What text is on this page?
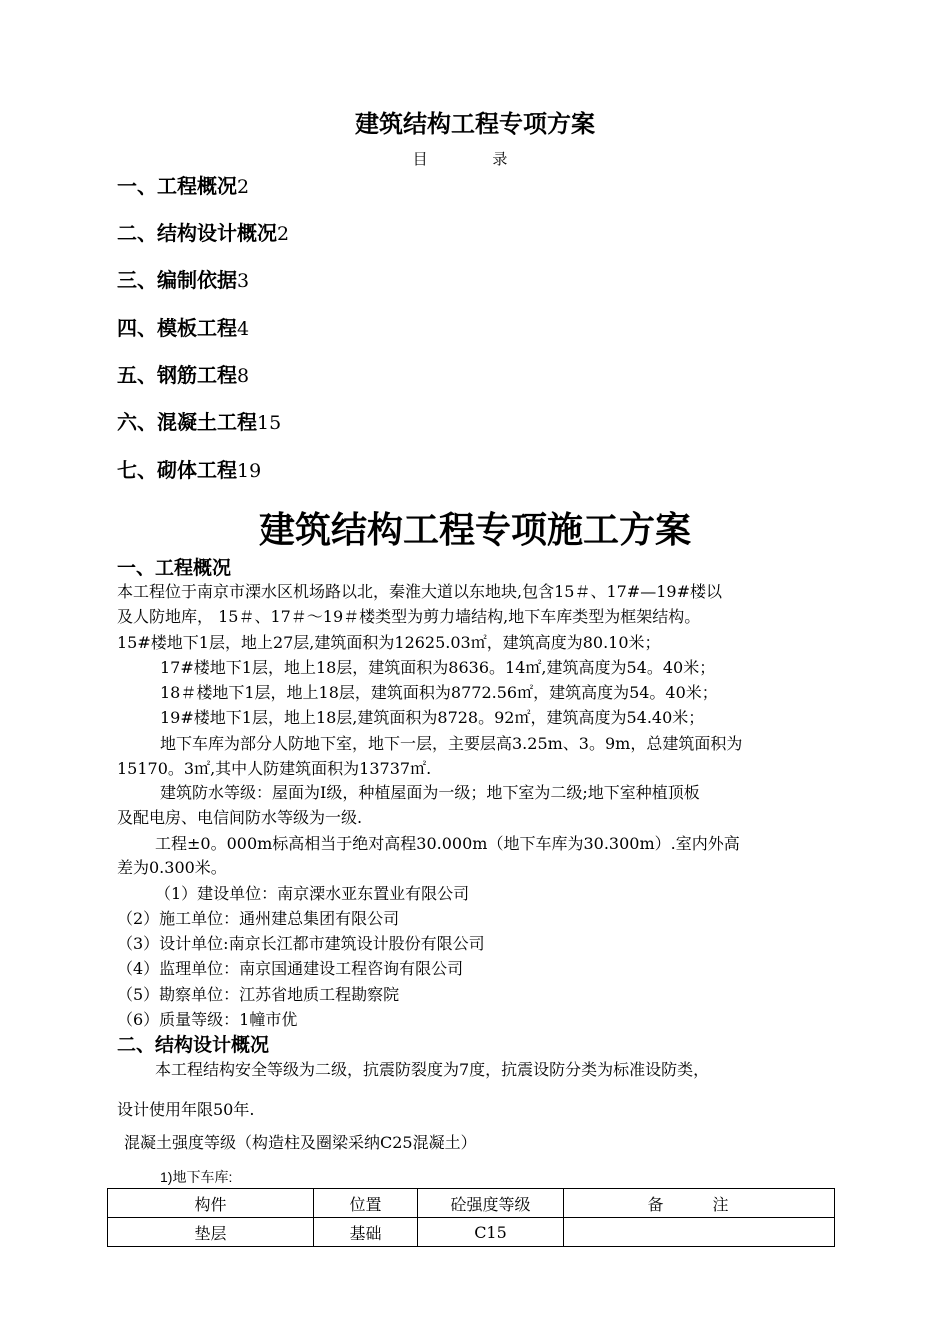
建筑结构工程专项方案
目 录
一、工程概况2
二、结构设计概况2
三、编制依据3
四、模板工程4
五、钢筋工程8
六、混凝土工程15
七、砌体工程19
建筑结构工程专项施工方案
一、工程概况
本工程位于南京市溧水区机场路以北，秦淮大道以东地块,包含15＃、17#—19#楼以
及人防地库， 15＃、17＃～19＃楼类型为剪力墙结构,地下车库类型为框架结构。
15#楼地下1层，地上27层,建筑面积为12625.03㎡，建筑高度为80.10米；
17#楼地下1层，地上18层，建筑面积为8636。14㎡,建筑高度为54。40米；
18＃楼地下1层，地上18层，建筑面积为8772.56㎡，建筑高度为54。40米；
19#楼地下1层，地上18层,建筑面积为8728。92㎡，建筑高度为54.40米；
地下车库为部分人防地下室，地下一层，主要层高3.25m、3。9m，总建筑面积为
15170。3㎡,其中人防建筑面积为13737㎡.
建筑防水等级：屋面为Ⅰ级，种植屋面为一级；地下室为二级;地下室种植顶板
及配电房、电信间防水等级为一级.
工程±0。000m标高相当于绝对高程30.000m（地下车库为30.300m）.室内外高
差为0.300米。
（1）建设单位：南京溧水亚东置业有限公司
（2）施工单位：通州建总集团有限公司
（3）设计单位:南京长江都市建筑设计股份有限公司
（4）监理单位：南京国通建设工程咨询有限公司
（5）勘察单位：江苏省地质工程勘察院
（6）质量等级：1幢市优
二、结构设计概况
本工程结构安全等级为二级，抗震防裂度为7度，抗震设防分类为标准设防类，
设计使用年限50年.
混凝土强度等级（构造柱及圈梁采纳C25混凝土）
1)地下车库:
构件	位置	砼强度等级	备 注
垫层	基础	C15	
